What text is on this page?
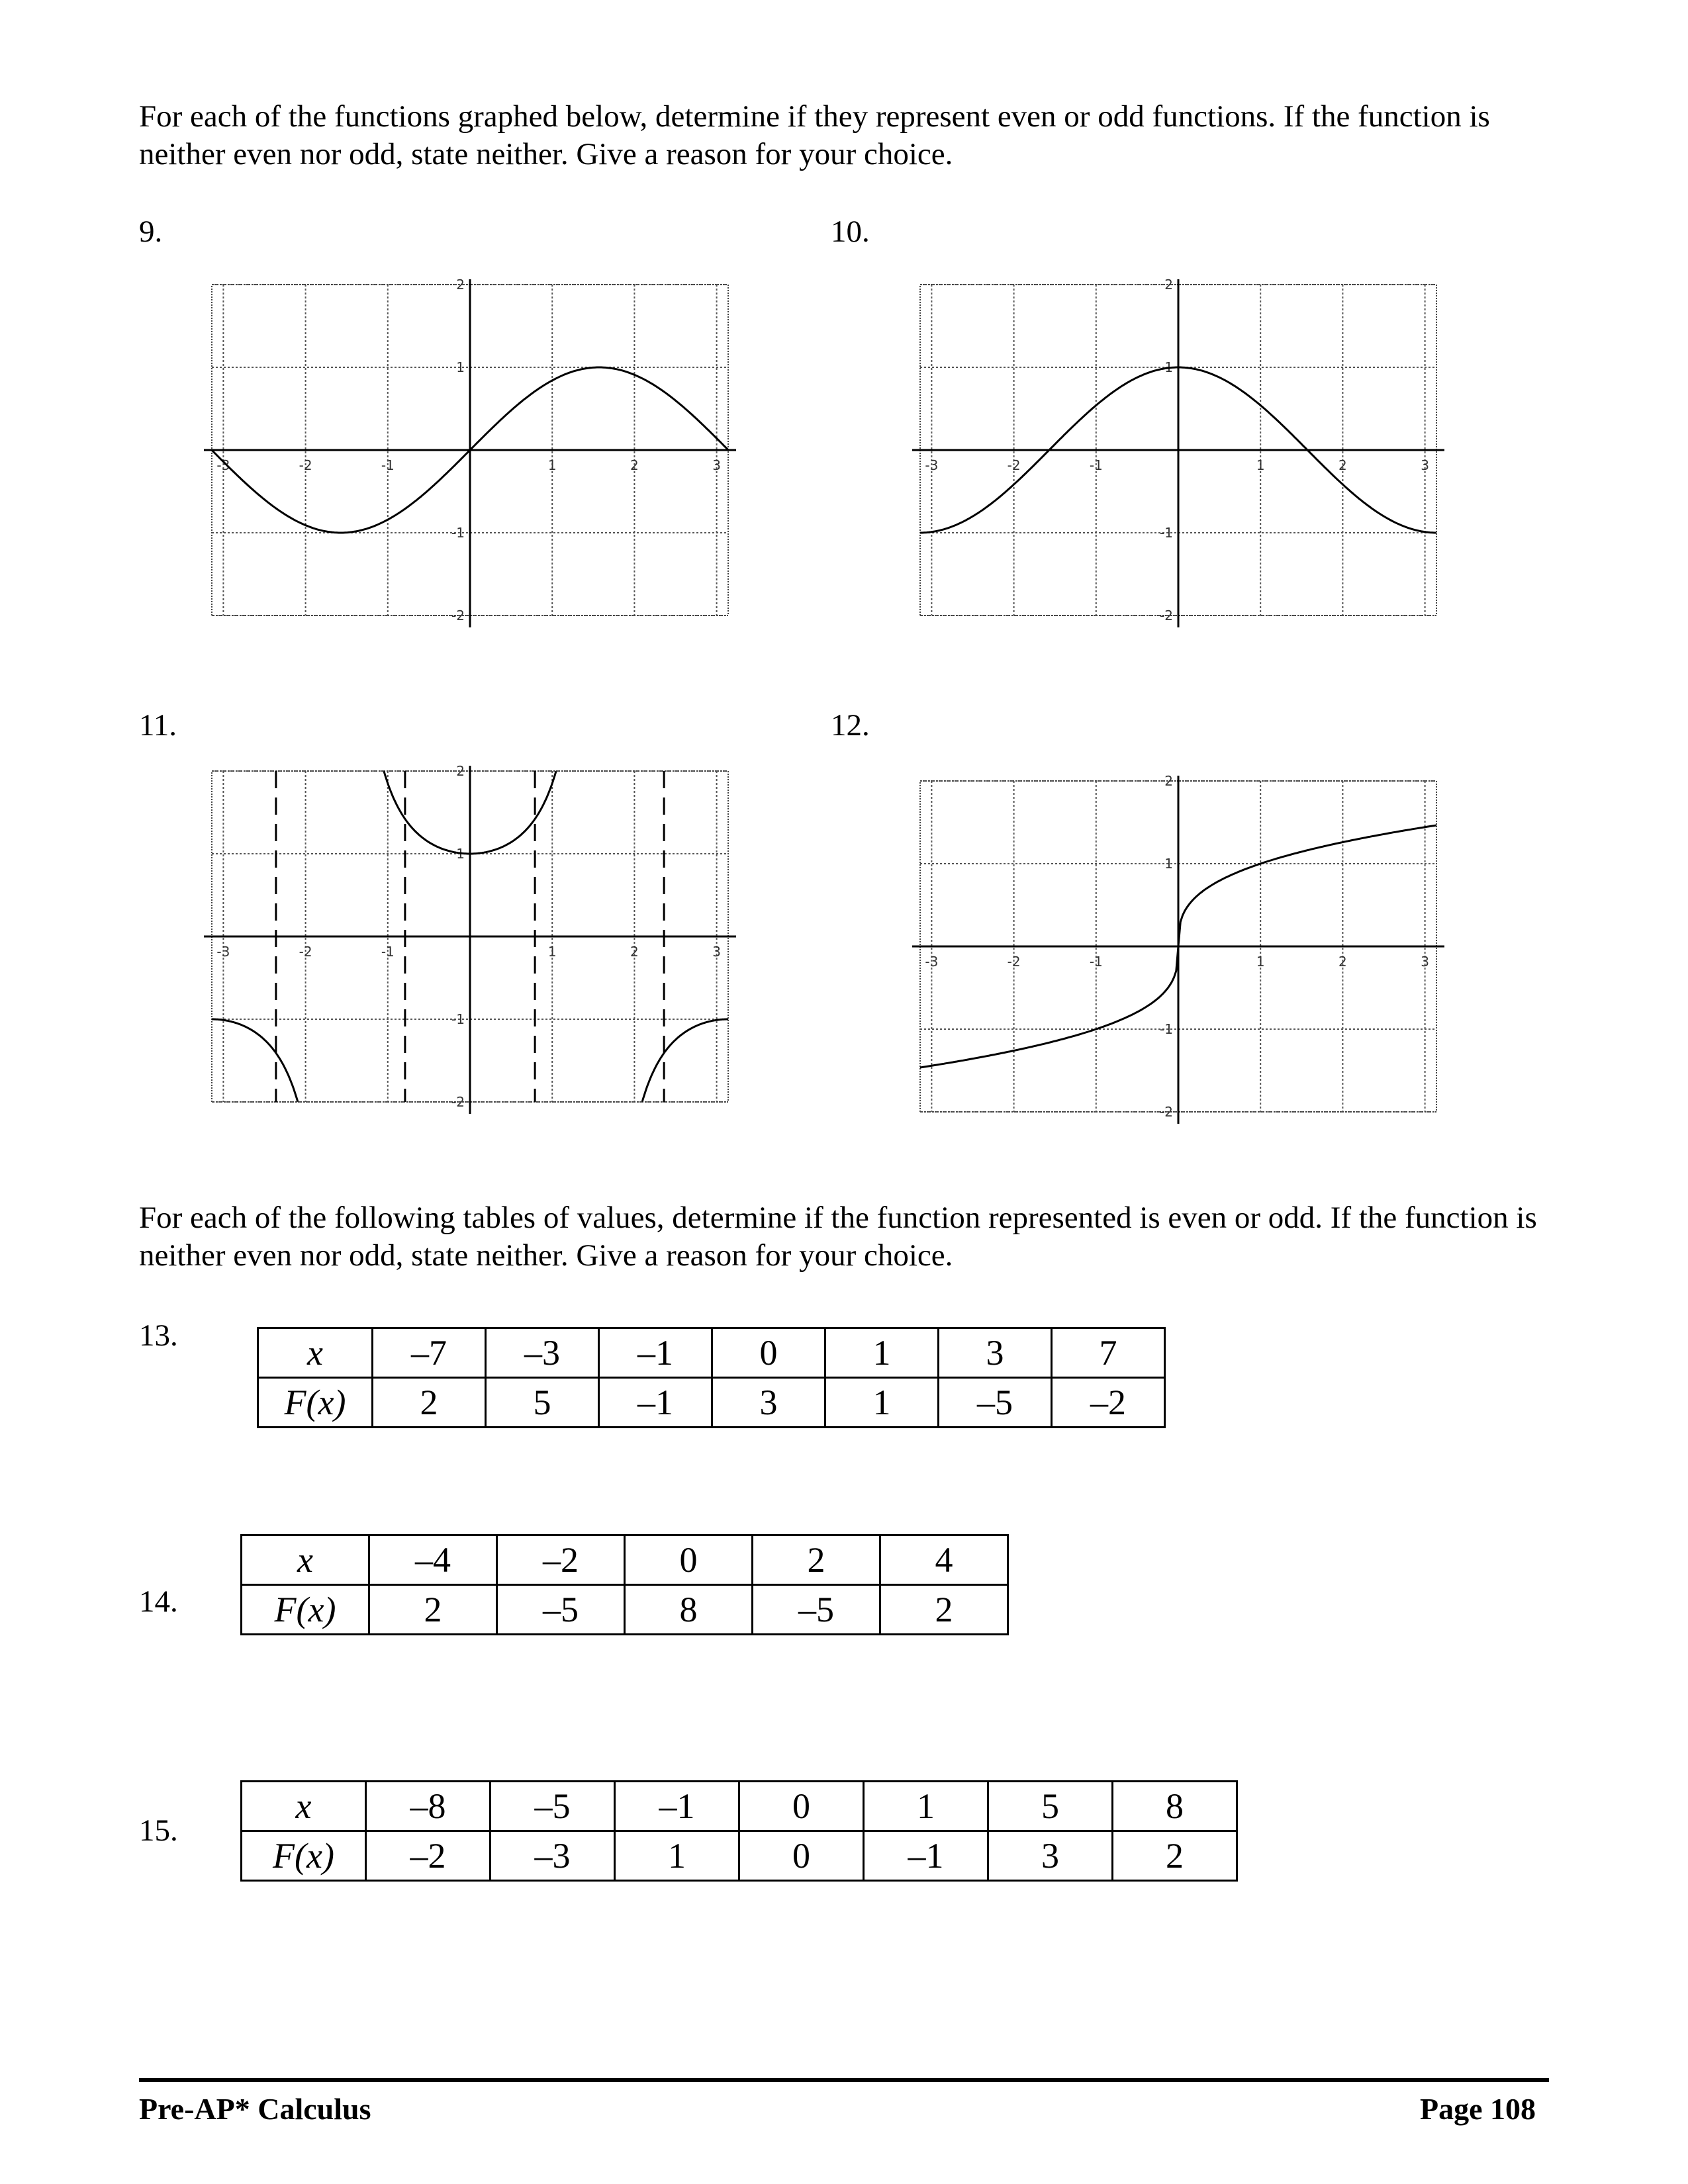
For each of the functions graphed below, determine if they represent even or odd functions. If the function is neither even nor odd, state neither. Give a reason for your choice.

9.	10.
11.	12.
-3	-2	-1	1	2	3
2
1
-1
-2
-3	-2	-1	1	2	3
2
1
-1
-2
-3	-2	-1	1	2	3
2
1
-1
-2
-3	-2	-1	1	2	3
2
1
-1
-2

For each of the following tables of values, determine if the function represented is even or odd. If the function is neither even nor odd, state neither. Give a reason for your choice.

13.	x	–7	–3	–1	0	1	3	7
F(x)	2	5	–1	3	1	–5	–2
14.
x	–4	–2	0	2	4
F(x)	2	–5	8	–5	2
15.
x	–8	–5	–1	0	1	5	8
F(x)	–2	–3	1	0	–1	3	2
Pre-AP* Calculus	Page 108
